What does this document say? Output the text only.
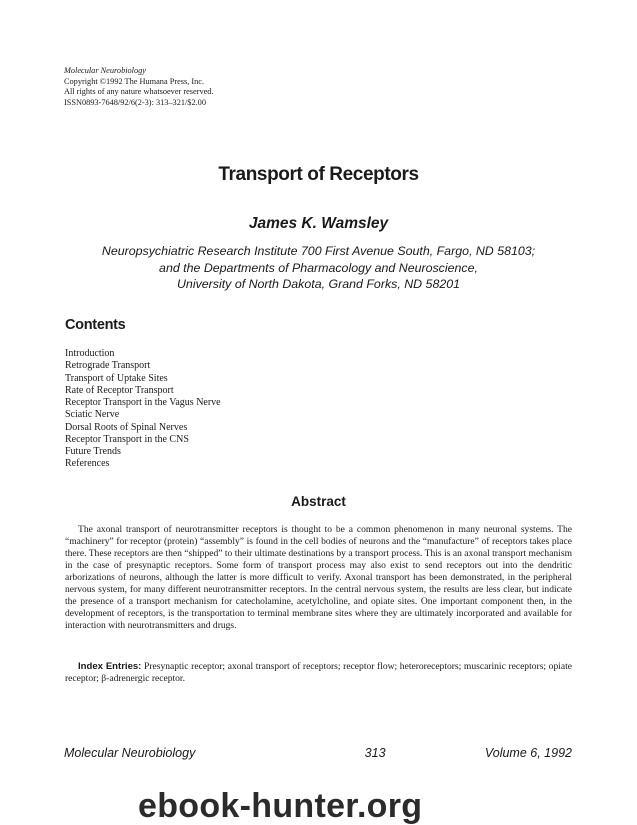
Molecular Neurobiology
Copyright ©1992 The Humana Press, Inc.
All rights of any nature whatsoever reserved.
ISSN0893-7648/92/6(2-3): 313–321/$2.00
Transport of Receptors
James K. Wamsley
Neuropsychiatric Research Institute 700 First Avenue South, Fargo, ND 58103;
and the Departments of Pharmacology and Neuroscience,
University of North Dakota, Grand Forks, ND 58201
Contents
Introduction
Retrograde Transport
Transport of Uptake Sites
Rate of Receptor Transport
Receptor Transport in the Vagus Nerve
Sciatic Nerve
Dorsal Roots of Spinal Nerves
Receptor Transport in the CNS
Future Trends
References
Abstract

The axonal transport of neurotransmitter receptors is thought to be a common phenomenon in many neuronal systems. The “machinery” for receptor (protein) “assembly” is found in the cell bodies of neurons and the “manufacture” of receptors takes place there. These receptors are then “shipped” to their ultimate destinations by a transport process. This is an axonal transport mechanism in the case of presynaptic receptors. Some form of transport process may also exist to send receptors out into the dendritic arborizations of neurons, although the latter is more difficult to verify. Axonal transport has been demonstrated, in the peripheral nervous system, for many different neurotransmitter receptors. In the central nervous system, the results are less clear, but indicate the presence of a transport mechanism for catecholamine, acetylcholine, and opiate sites. One important component then, in the development of receptors, is the transportation to terminal membrane sites where they are ultimately incorporated and available for interaction with neurotransmitters and drugs.

Index Entries: Presynaptic receptor; axonal transport of receptors; receptor flow; heteroreceptors; muscarinic receptors; opiate receptor; β-adrenergic receptor.

Molecular Neurobiology	313	Volume 6, 1992
ebook-hunter.org
